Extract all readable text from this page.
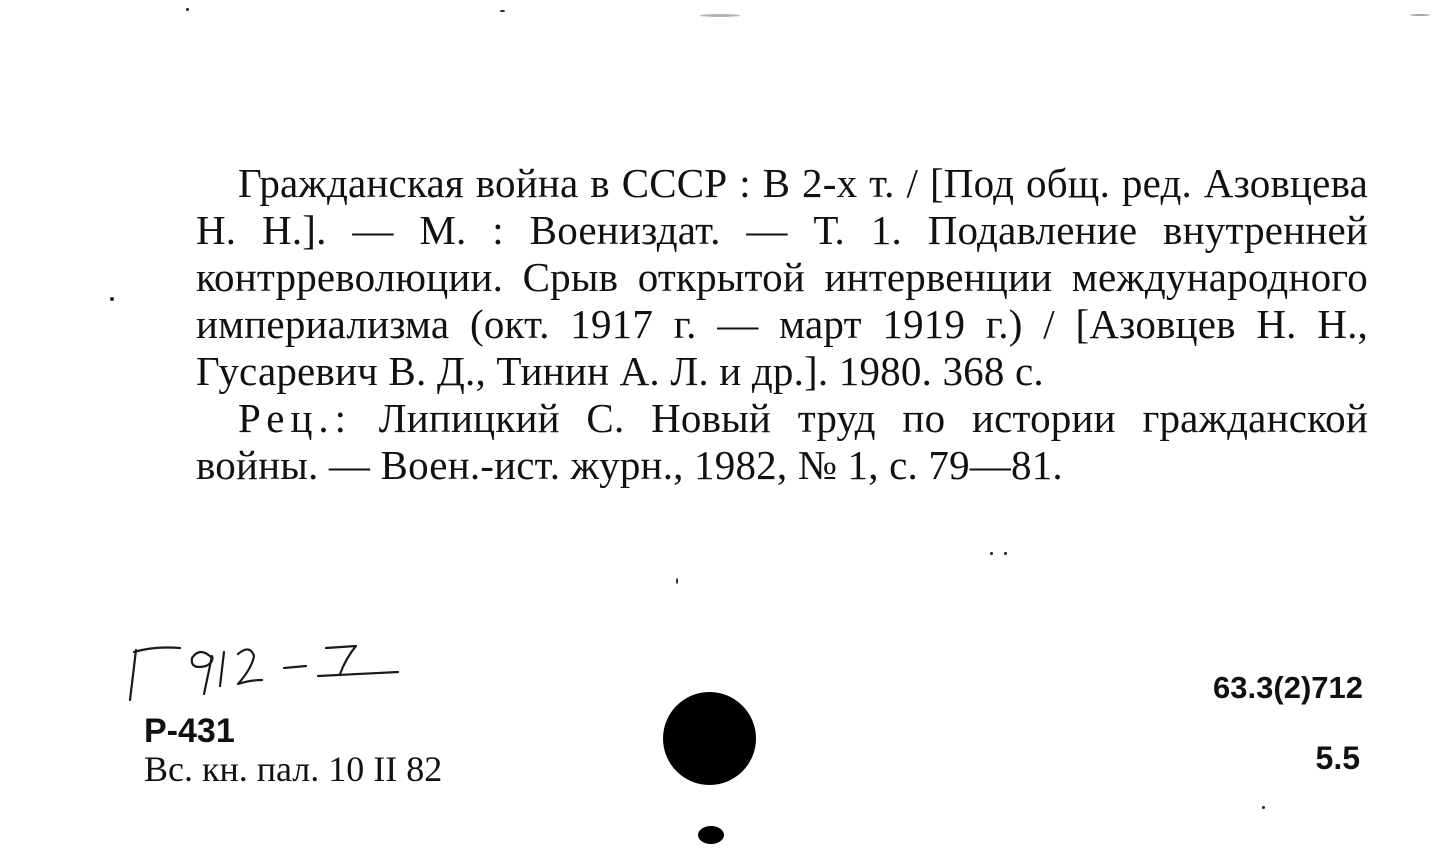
Гражданская война в СССР : В 2-х т. / [Под общ. ред. Азовцева Н. Н.]. — М. : Воениздат. — Т. 1. Подавление внутренней контрреволюции. Срыв открытой интервенции международного империализма (окт. 1917 г. — март 1919 г.) / [Азовцев Н. Н., Гусаревич В. Д., Тинин А. Л. и др.]. 1980. 368 с.

Рец.: Липицкий С. Новый труд по истории гражданской войны. — Воен.-ист. журн., 1982, № 1, с. 79—81.

Р-431
Вс. кн. пал. 10 II 82
63.3(2)712
5.5
